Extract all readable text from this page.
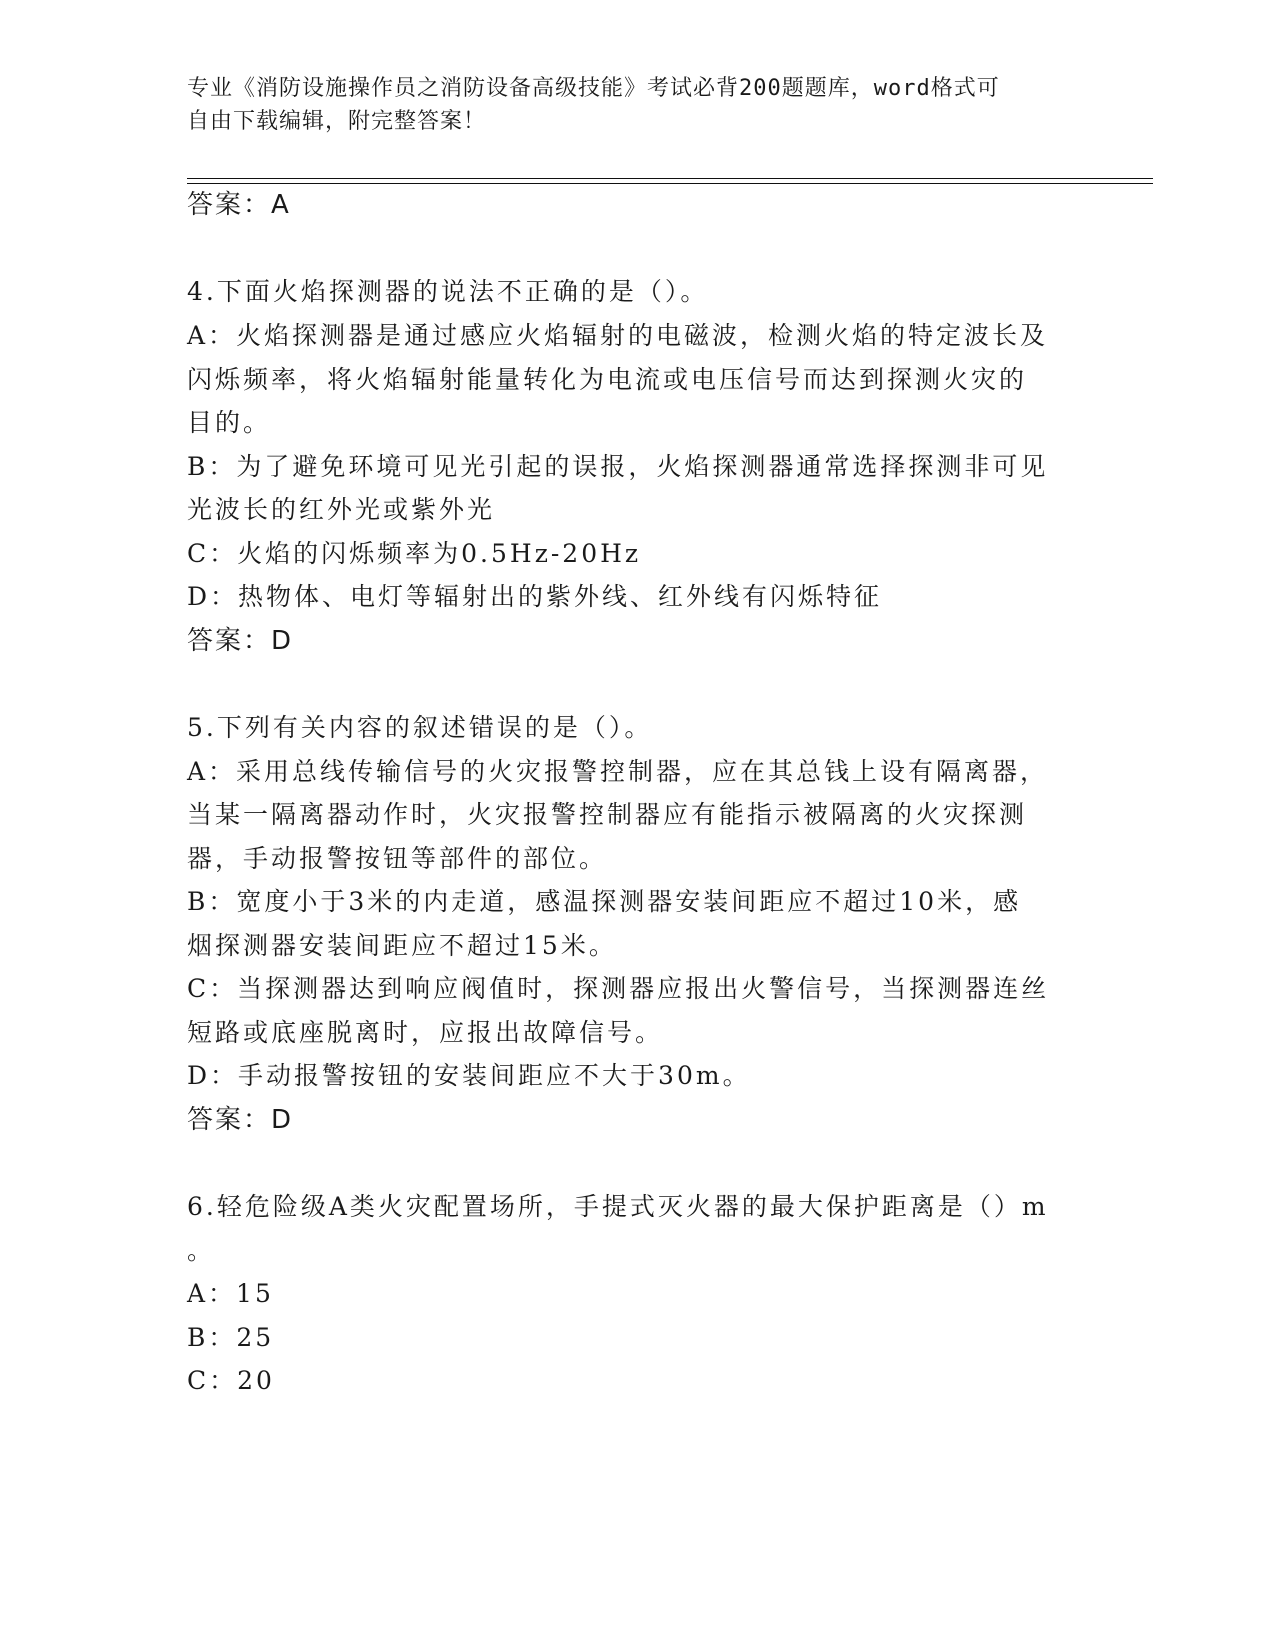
专业《消防设施操作员之消防设备高级技能》考试必背200题题库，word格式可

自由下载编辑，附完整答案！

答案：A
4.下面火焰探测器的说法不正确的是（）。
A：火焰探测器是通过感应火焰辐射的电磁波，检测火焰的特定波长及
闪烁频率，将火焰辐射能量转化为电流或电压信号而达到探测火灾的
目的。
B：为了避免环境可见光引起的误报，火焰探测器通常选择探测非可见
光波长的红外光或紫外光
C：火焰的闪烁频率为0.5Hz-20Hz
D：热物体、电灯等辐射出的紫外线、红外线有闪烁特征
答案：D
5.下列有关内容的叙述错误的是（）。
A：采用总线传输信号的火灾报警控制器，应在其总钱上设有隔离器，
当某一隔离器动作时，火灾报警控制器应有能指示被隔离的火灾探测
器，手动报警按钮等部件的部位。
B：宽度小于3米的内走道，感温探测器安装间距应不超过10米，感
烟探测器安装间距应不超过15米。
C：当探测器达到响应阀值时，探测器应报出火警信号，当探测器连丝
短路或底座脱离时，应报出故障信号。
D：手动报警按钮的安装间距应不大于30m。
答案：D
6.轻危险级A类火灾配置场所，手提式灭火器的最大保护距离是（）m
。
A：15
B：25
C：20
